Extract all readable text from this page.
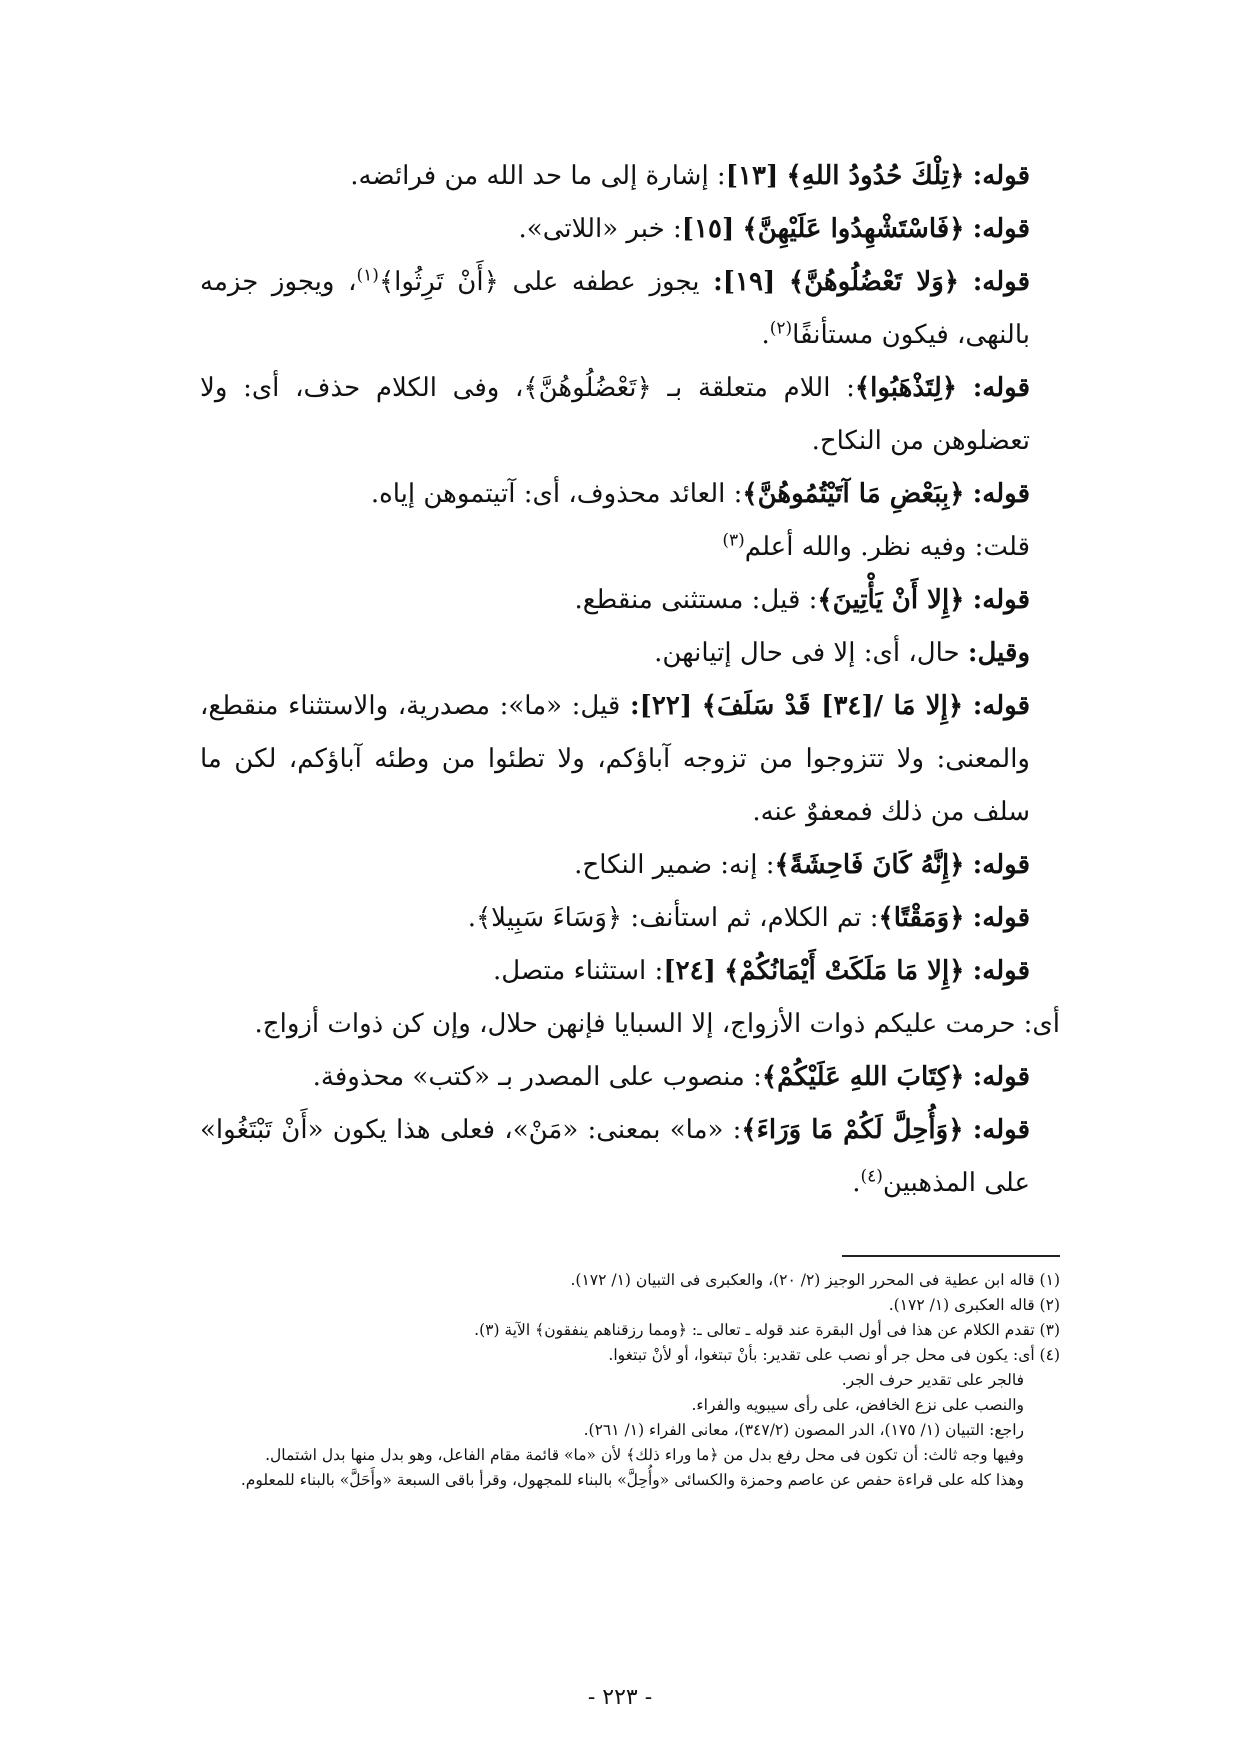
قوله: ﴿تِلْكَ حُدُودُ اللهِ﴾ [١٣]: إشارة إلى ما حد الله من فرائضه.
قوله: ﴿فَاسْتَشْهِدُوا عَلَيْهِنَّ﴾ [١٥]: خبر «اللاتى».
قوله: ﴿وَلا تَعْضُلُوهُنَّ﴾ [١٩]: يجوز عطفه على ﴿أَنْ تَرِثُوا﴾$^{(١)}$، ويجوز جزمه بالنهى، فيكون مستأنفًا$^{(٢)}$.
قوله: ﴿لِتَذْهَبُوا﴾: اللام متعلقة بـ ﴿تَعْضُلُوهُنَّ﴾، وفى الكلام حذف، أى: ولا تعضلوهن من النكاح.
قوله: ﴿بِبَعْضِ مَا آتَيْتُمُوهُنَّ﴾: العائد محذوف، أى: آتيتموهن إياه.
قلت: وفيه نظر. والله أعلم$^{(٣)}$
قوله: ﴿إِلا أَنْ يَأْتِينَ﴾: قيل: مستثنى منقطع.
وقيل: حال، أى: إلا فى حال إتيانهن.
قوله: ﴿إِلا مَا /[٣٤] قَدْ سَلَفَ﴾ [٢٢]: قيل: «ما»: مصدرية، والاستثناء منقطع، والمعنى: ولا تتزوجوا من تزوجه آباؤكم، ولا تطئوا من وطئه آباؤكم، لكن ما سلف من ذلك فمعفوٌ عنه.
قوله: ﴿إِنَّهُ كَانَ فَاحِشَةً﴾: إنه: ضمير النكاح.
قوله: ﴿وَمَقْتًا﴾: تم الكلام، ثم استأنف: ﴿وَسَاءَ سَبِيلا﴾.
قوله: ﴿إِلا مَا مَلَكَتْ أَيْمَانُكُمْ﴾ [٢٤]: استثناء متصل.
أى: حرمت عليكم ذوات الأزواج، إلا السبايا فإنهن حلال، وإن كن ذوات أزواج.
قوله: ﴿كِتَابَ اللهِ عَلَيْكُمْ﴾: منصوب على المصدر بـ «كتب» محذوفة.
قوله: ﴿وَأُحِلَّ لَكُمْ مَا وَرَاءَ﴾: «ما» بمعنى: «مَنْ»، فعلى هذا يكون «أَنْ تَبْتَغُوا» على المذهبين$^{(٤)}$.
(١) قاله ابن عطية فى المحرر الوجيز (٢/ ٢٠)، والعكبرى فى التبيان (١/ ١٧٢).
(٢) قاله العكبرى (١/ ١٧٢).
(٣) تقدم الكلام عن هذا فى أول البقرة عند قوله ـ تعالى ـ: ﴿ومما رزقناهم ينفقون﴾ الآية (٣).
(٤) أى: يكون فى محل جر أو نصب على تقدير: بأنْ تبتغوا، أو لأنْ تبتغوا.
فالجر على تقدير حرف الجر.
والنصب على نزع الخافض، على رأى سيبويه والفراء.
راجع: التبيان (١/ ١٧٥)، الدر المصون (٣٤٧/٢)، معانى الفراء (١/ ٢٦١).
وفيها وجه ثالث: أن تكون فى محل رفع بدل من ﴿ما وراء ذلك﴾ لأن «ما» قائمة مقام الفاعل، وهو بدل منها بدل اشتمال.
وهذا كله على قراءة حفص عن عاصم وحمزة والكسائى «وأُحِلَّ» بالبناء للمجهول، وقرأ باقى السبعة «وأَحَلَّ» بالبناء للمعلوم.
- ٢٢٣ -
